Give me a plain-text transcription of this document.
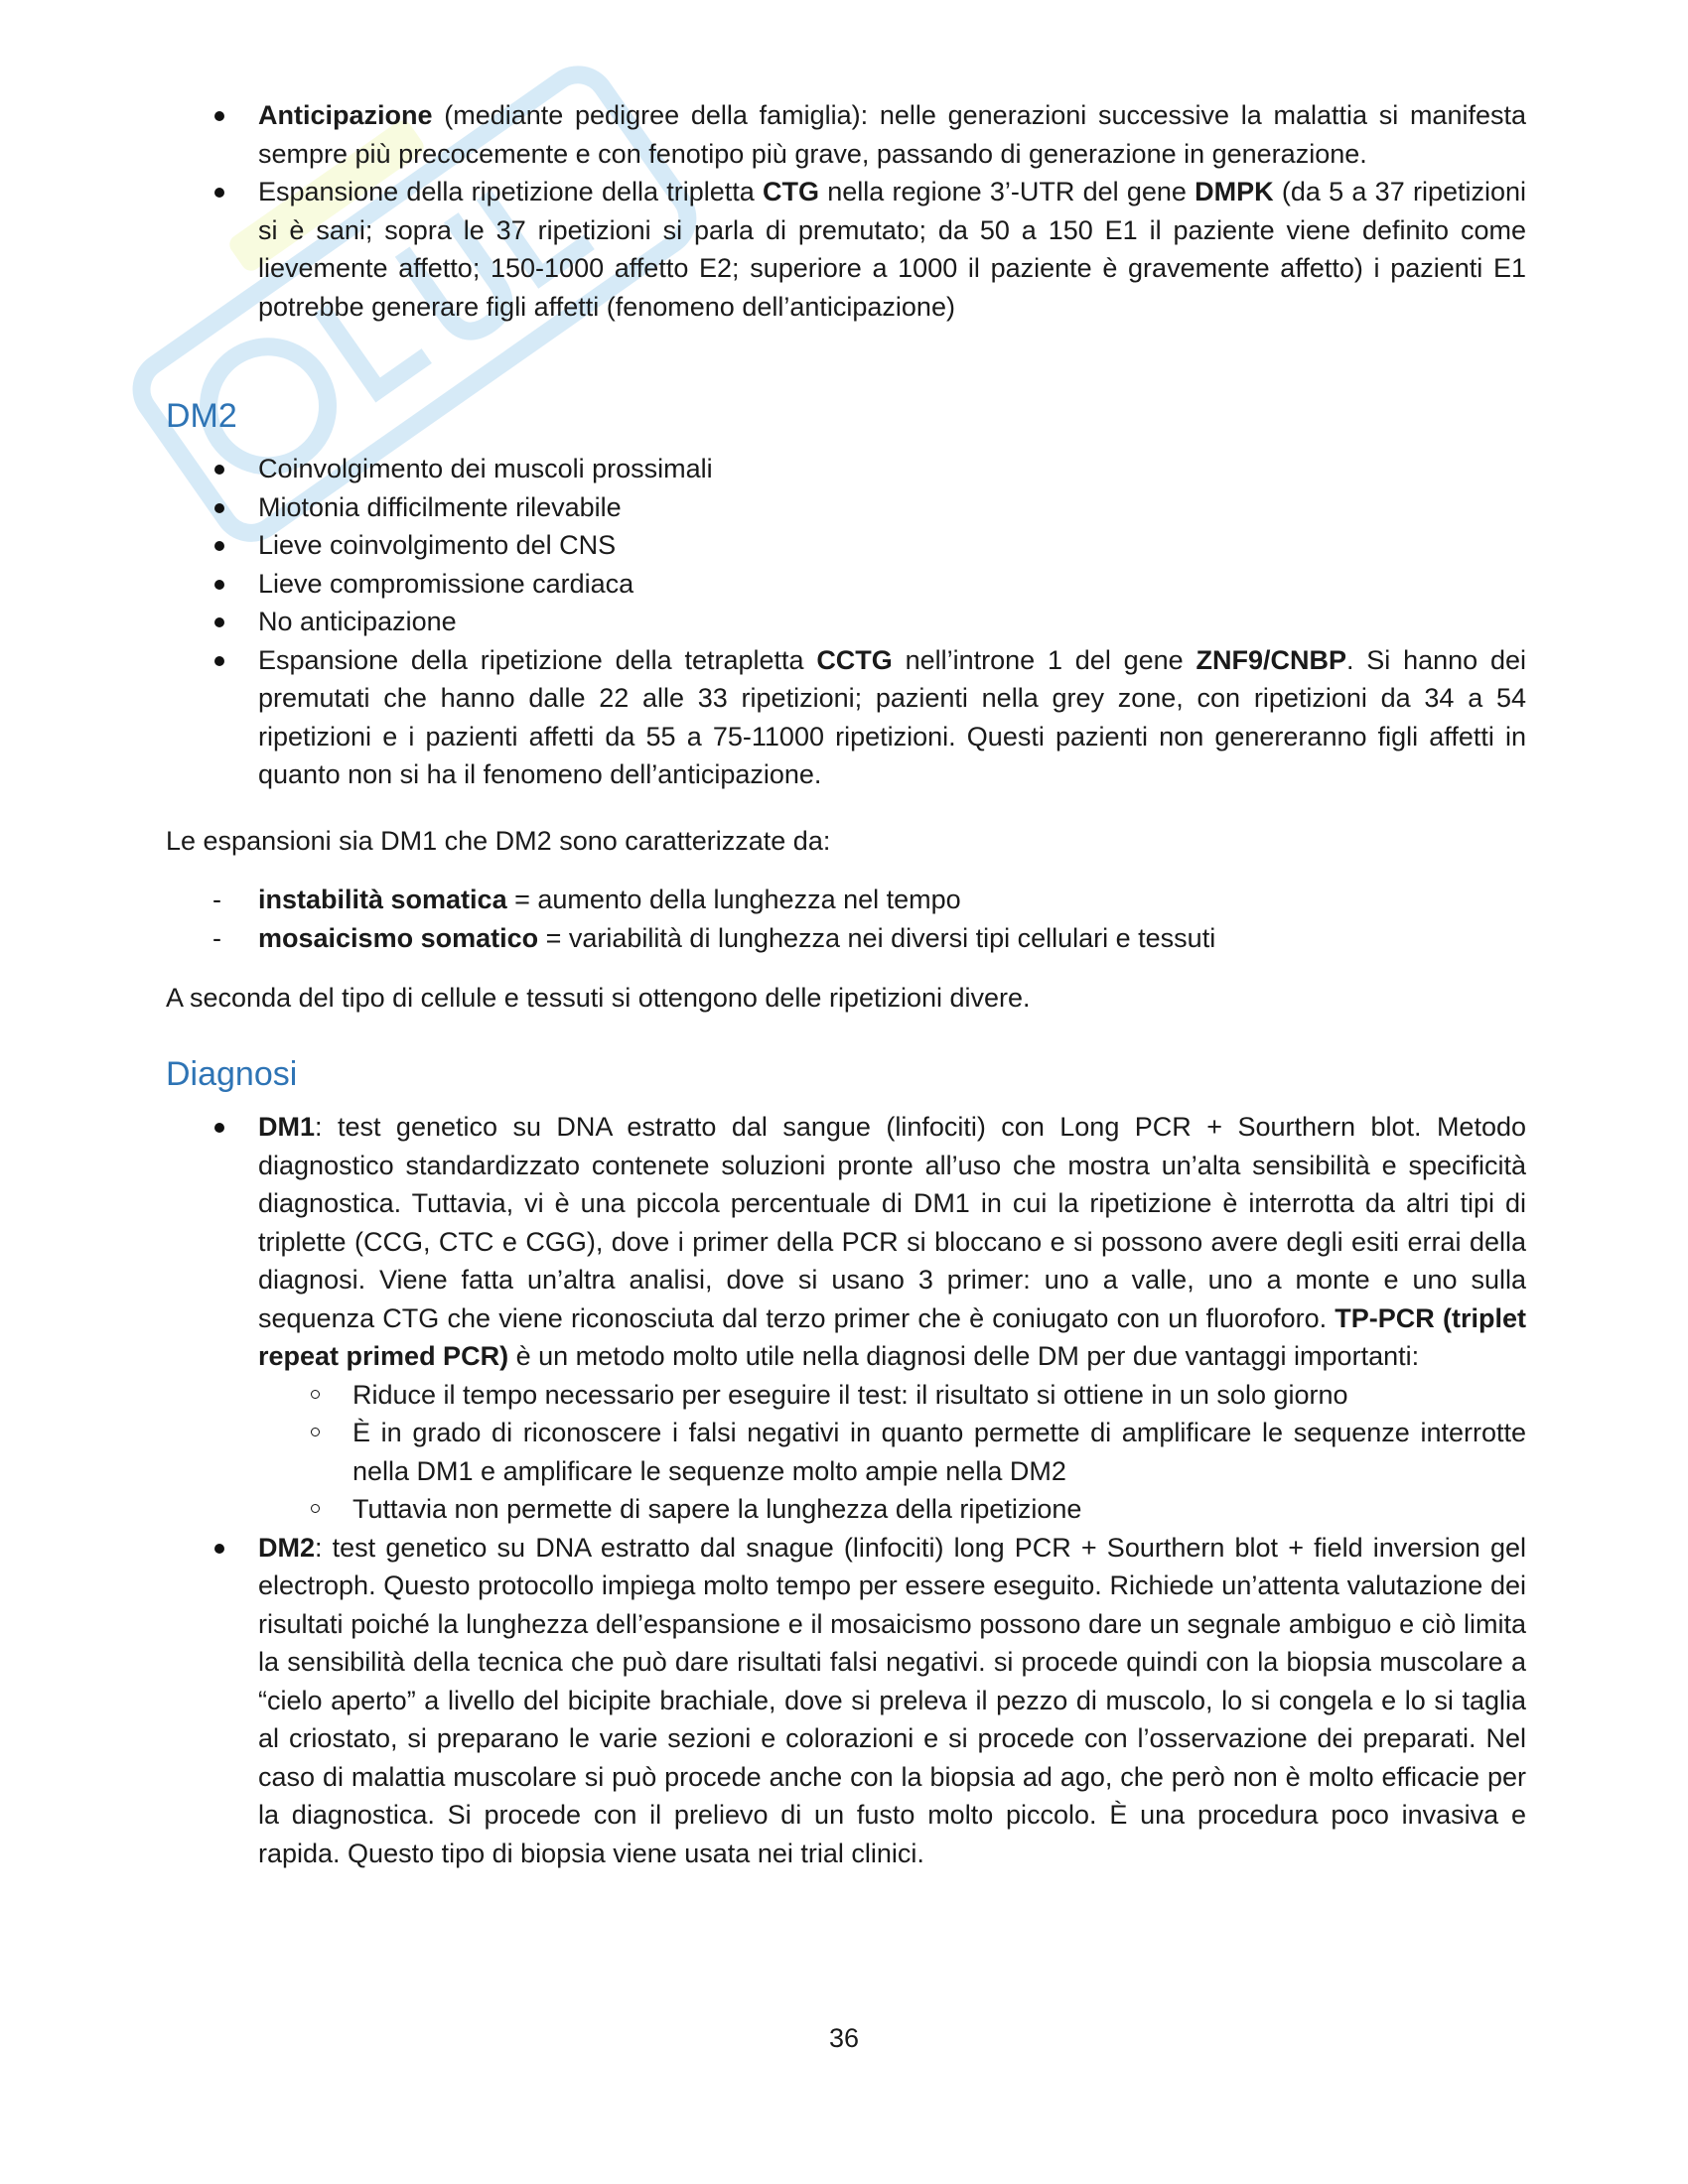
Anticipazione (mediante pedigree della famiglia): nelle generazioni successive la malattia si manifesta sempre più precocemente e con fenotipo più grave, passando di generazione in generazione.
Espansione della ripetizione della tripletta CTG nella regione 3’-UTR del gene DMPK (da 5 a 37 ripetizioni si è sani; sopra le 37 ripetizioni si parla di premutato; da 50 a 150 E1 il paziente viene definito come lievemente affetto; 150-1000 affetto E2; superiore a 1000 il paziente è gravemente affetto) i pazienti E1 potrebbe generare figli affetti (fenomeno dell’anticipazione)
DM2
Coinvolgimento dei muscoli prossimali
Miotonia difficilmente rilevabile
Lieve coinvolgimento del CNS
Lieve compromissione cardiaca
No anticipazione
Espansione della ripetizione della tetrapletta CCTG nell’introne 1 del gene ZNF9/CNBP. Si hanno dei premutati che hanno dalle 22 alle 33 ripetizioni; pazienti nella grey zone, con ripetizioni da 34 a 54 ripetizioni e i pazienti affetti da 55 a 75-11000 ripetizioni. Questi pazienti non genereranno figli affetti in quanto non si ha il fenomeno dell’anticipazione.

Le espansioni sia DM1 che DM2 sono caratterizzate da:

- instabilità somatica = aumento della lunghezza nel tempo
- mosaicismo somatico = variabilità di lunghezza nei diversi tipi cellulari e tessuti

A seconda del tipo di cellule e tessuti si ottengono delle ripetizioni divere.

Diagnosi
DM1: test genetico su DNA estratto dal sangue (linfociti) con Long PCR + Sourthern blot. Metodo diagnostico standardizzato contenete soluzioni pronte all’uso che mostra un’alta sensibilità e specificità diagnostica. Tuttavia, vi è una piccola percentuale di DM1 in cui la ripetizione è interrotta da altri tipi di triplette (CCG, CTC e CGG), dove i primer della PCR si bloccano e si possono avere degli esiti errai della diagnosi. Viene fatta un’altra analisi, dove si usano 3 primer: uno a valle, uno a monte e uno sulla sequenza CTG che viene riconosciuta dal terzo primer che è coniugato con un fluoroforo. TP-PCR (triplet repeat primed PCR) è un metodo molto utile nella diagnosi delle DM per due vantaggi importanti:
Riduce il tempo necessario per eseguire il test: il risultato si ottiene in un solo giorno
È in grado di riconoscere i falsi negativi in quanto permette di amplificare le sequenze interrotte nella DM1 e amplificare le sequenze molto ampie nella DM2
Tuttavia non permette di sapere la lunghezza della ripetizione
DM2: test genetico su DNA estratto dal snague (linfociti) long PCR + Sourthern blot + field inversion gel electroph. Questo protocollo impiega molto tempo per essere eseguito. Richiede un’attenta valutazione dei risultati poiché la lunghezza dell’espansione e il mosaicismo possono dare un segnale ambiguo e ciò limita la sensibilità della tecnica che può dare risultati falsi negativi. si procede quindi con la biopsia muscolare a “cielo aperto” a livello del bicipite brachiale, dove si preleva il pezzo di muscolo, lo si congela e lo si taglia al criostato, si preparano le varie sezioni e colorazioni e si procede con l’osservazione dei preparati. Nel caso di malattia muscolare si può procede anche con la biopsia ad ago, che però non è molto efficacie per la diagnostica. Si procede con il prelievo di un fusto molto piccolo. È una procedura poco invasiva e rapida. Questo tipo di biopsia viene usata nei trial clinici.
36
